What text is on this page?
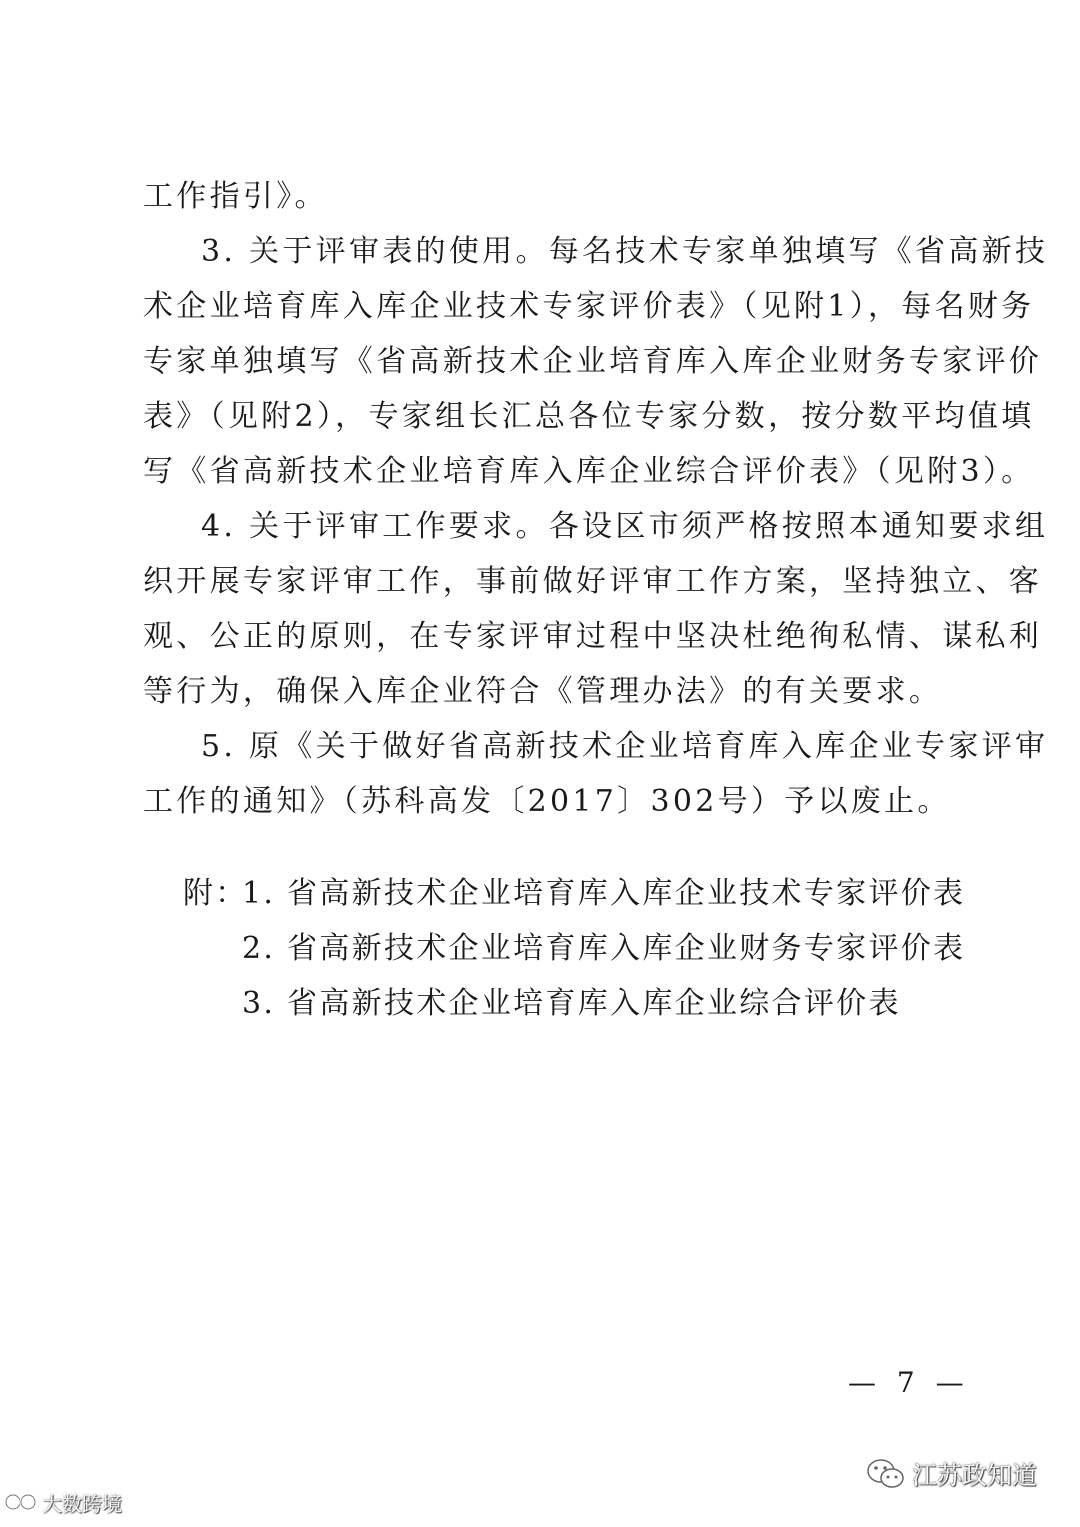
工作指引》。
3. 关于评审表的使用。每名技术专家单独填写《省高新技
术企业培育库入库企业技术专家评价表》（见附1），每名财务
专家单独填写《省高新技术企业培育库入库企业财务专家评价
表》（见附2），专家组长汇总各位专家分数，按分数平均值填
写《省高新技术企业培育库入库企业综合评价表》（见附3）。
4. 关于评审工作要求。各设区市须严格按照本通知要求组
织开展专家评审工作，事前做好评审工作方案，坚持独立、客
观、公正的原则，在专家评审过程中坚决杜绝徇私情、谋私利
等行为，确保入库企业符合《管理办法》的有关要求。
5. 原《关于做好省高新技术企业培育库入库企业专家评审
工作的通知》（苏科高发〔2017〕302号）予以废止。
附：
1. 省高新技术企业培育库入库企业技术专家评价表
2. 省高新技术企业培育库入库企业财务专家评价表
3. 省高新技术企业培育库入库企业综合评价表
— 7 —
江苏政知道
大数跨境
